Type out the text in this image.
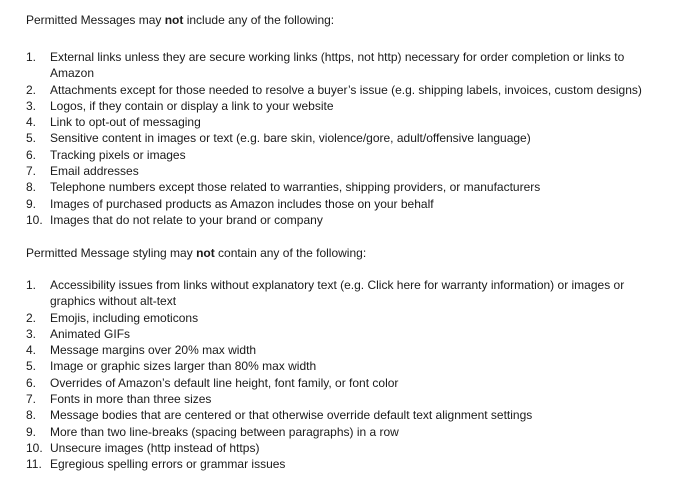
Permitted Messages may not include any of the following:

1. External links unless they are secure working links (https, not http) necessary for order completion or links to Amazon
2. Attachments except for those needed to resolve a buyer’s issue (e.g. shipping labels, invoices, custom designs)
3. Logos, if they contain or display a link to your website
4. Link to opt-out of messaging
5. Sensitive content in images or text (e.g. bare skin, violence/gore, adult/offensive language)
6. Tracking pixels or images
7. Email addresses
8. Telephone numbers except those related to warranties, shipping providers, or manufacturers
9. Images of purchased products as Amazon includes those on your behalf
10. Images that do not relate to your brand or company

Permitted Message styling may not contain any of the following:

1. Accessibility issues from links without explanatory text (e.g. Click here for warranty information) or images or graphics without alt-text
2. Emojis, including emoticons
3. Animated GIFs
4. Message margins over 20% max width
5. Image or graphic sizes larger than 80% max width
6. Overrides of Amazon’s default line height, font family, or font color
7. Fonts in more than three sizes
8. Message bodies that are centered or that otherwise override default text alignment settings
9. More than two line-breaks (spacing between paragraphs) in a row
10. Unsecure images (http instead of https)
11. Egregious spelling errors or grammar issues
